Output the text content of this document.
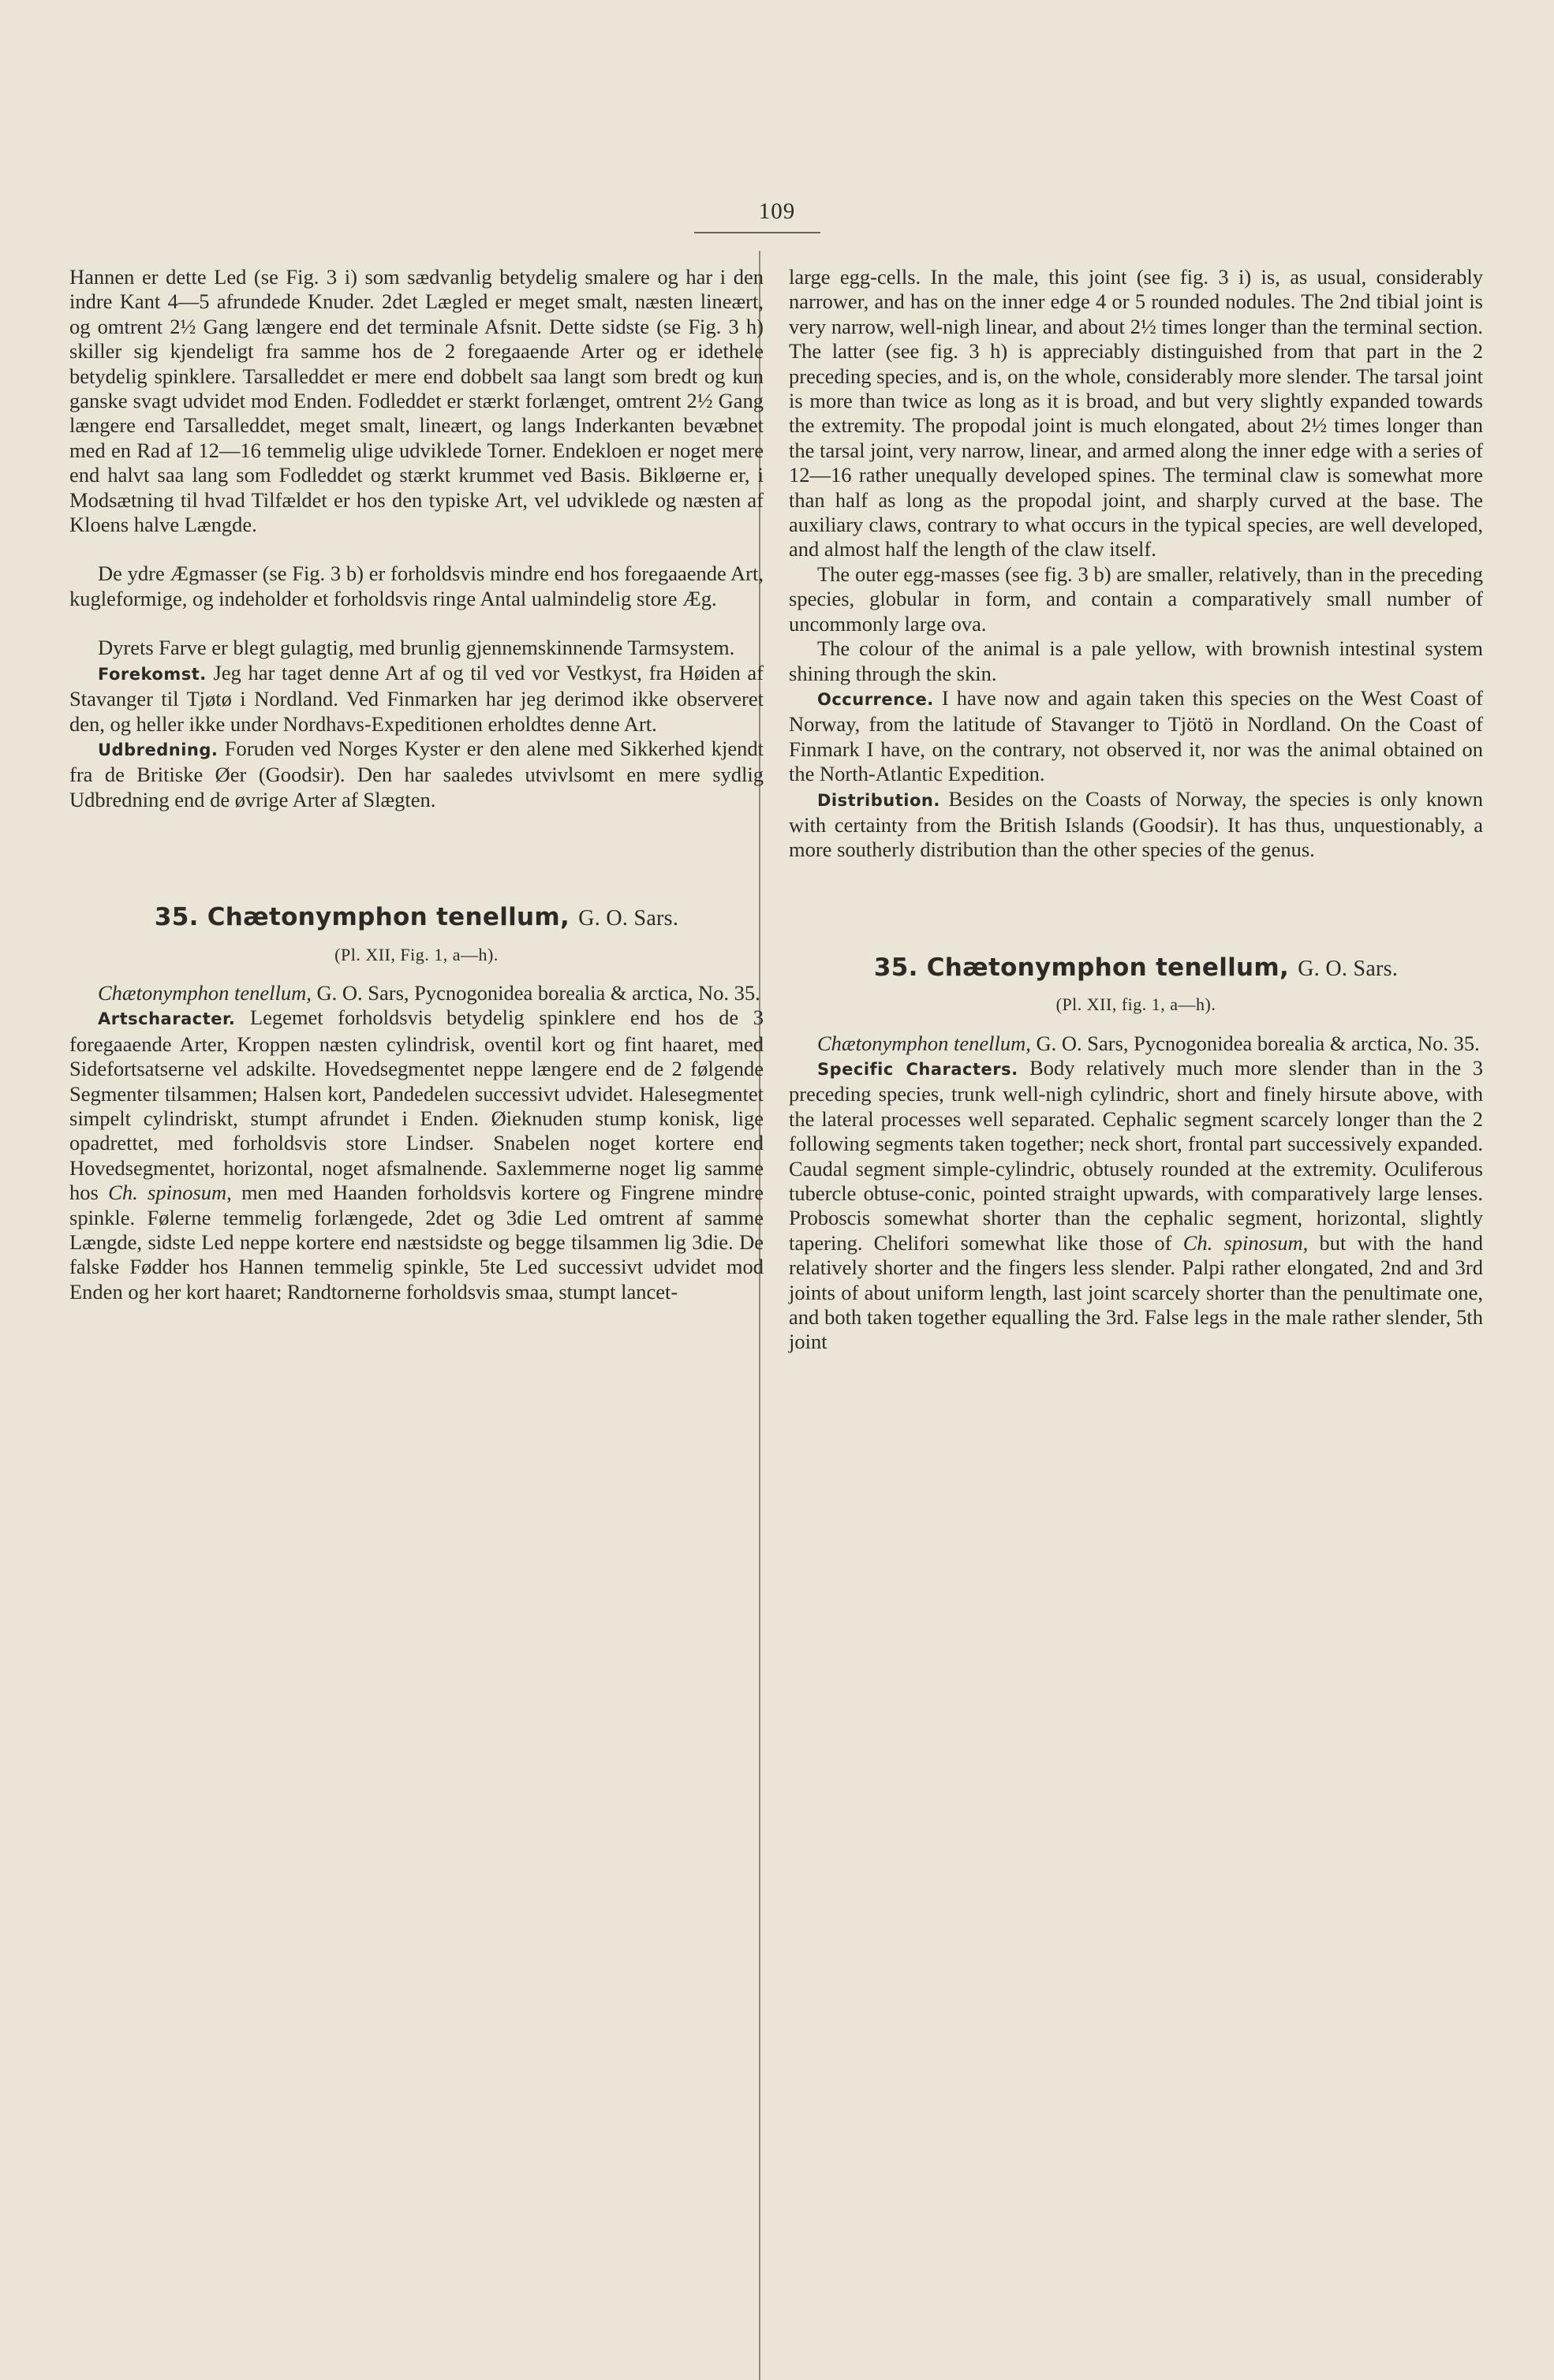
109

Hannen er dette Led (se Fig. 3 i) som sædvanlig betydelig smalere og har i den indre Kant 4—5 afrundede Knuder. 2det Lægled er meget smalt, næsten lineært, og omtrent 2½ Gang længere end det terminale Afsnit. Dette sidste (se Fig. 3 h) skiller sig kjendeligt fra samme hos de 2 foregaaende Arter og er idethele betydelig spinklere. Tarsalleddet er mere end dobbelt saa langt som bredt og kun ganske svagt udvidet mod Enden. Fodleddet er stærkt forlænget, omtrent 2½ Gang længere end Tarsalleddet, meget smalt, lineært, og langs Inderkanten bevæbnet med en Rad af 12—16 temmelig ulige udviklede Torner. Endekloen er noget mere end halvt saa lang som Fodleddet og stærkt krummet ved Basis. Bikløerne er, i Modsætning til hvad Tilfældet er hos den typiske Art, vel udviklede og næsten af Kloens halve Længde.

De ydre Ægmasser (se Fig. 3 b) er forholdsvis mindre end hos foregaaende Art, kugleformige, og indeholder et forholdsvis ringe Antal ualmindelig store Æg.

Dyrets Farve er blegt gulagtig, med brunlig gjennemskinnende Tarmsystem.

Forekomst. Jeg har taget denne Art af og til ved vor Vestkyst, fra Høiden af Stavanger til Tjøtø i Nordland. Ved Finmarken har jeg derimod ikke observeret den, og heller ikke under Nordhavs-Expeditionen erholdtes denne Art.

Udbredning. Foruden ved Norges Kyster er den alene med Sikkerhed kjendt fra de Britiske Øer (Goodsir). Den har saaledes utvivlsomt en mere sydlig Udbredning end de øvrige Arter af Slægten.

35. Chætonymphon tenellum, G. O. Sars.
(Pl. XII, Fig. 1, a—h).

Chætonymphon tenellum, G. O. Sars, Pycnogonidea borealia & arctica, No. 35.

Artscharacter. Legemet forholdsvis betydelig spinklere end hos de 3 foregaaende Arter, Kroppen næsten cylindrisk, oventil kort og fint haaret, med Sidefortsatserne vel adskilte. Hovedsegmentet neppe længere end de 2 følgende Segmenter tilsammen; Halsen kort, Pandedelen successivt udvidet. Halesegmentet simpelt cylindriskt, stumpt afrundet i Enden. Øieknuden stump konisk, lige opadrettet, med forholdsvis store Lindser. Snabelen noget kortere end Hovedsegmentet, horizontal, noget afsmalnende. Saxlemmerne noget lig samme hos Ch. spinosum, men med Haanden forholdsvis kortere og Fingrene mindre spinkle. Følerne temmelig forlængede, 2det og 3die Led omtrent af samme Længde, sidste Led neppe kortere end næstsidste og begge tilsammen lig 3die. De falske Fødder hos Hannen temmelig spinkle, 5te Led successivt udvidet mod Enden og her kort haaret; Randtornerne forholdsvis smaa, stumpt lancet-

large egg-cells. In the male, this joint (see fig. 3 i) is, as usual, considerably narrower, and has on the inner edge 4 or 5 rounded nodules. The 2nd tibial joint is very narrow, well-nigh linear, and about 2½ times longer than the terminal section. The latter (see fig. 3 h) is appreciably distinguished from that part in the 2 preceding species, and is, on the whole, considerably more slender. The tarsal joint is more than twice as long as it is broad, and but very slightly expanded towards the extremity. The propodal joint is much elongated, about 2½ times longer than the tarsal joint, very narrow, linear, and armed along the inner edge with a series of 12—16 rather unequally developed spines. The terminal claw is somewhat more than half as long as the propodal joint, and sharply curved at the base. The auxiliary claws, contrary to what occurs in the typical species, are well developed, and almost half the length of the claw itself.

The outer egg-masses (see fig. 3 b) are smaller, relatively, than in the preceding species, globular in form, and contain a comparatively small number of uncommonly large ova.

The colour of the animal is a pale yellow, with brownish intestinal system shining through the skin.

Occurrence. I have now and again taken this species on the West Coast of Norway, from the latitude of Stavanger to Tjötö in Nordland. On the Coast of Finmark I have, on the contrary, not observed it, nor was the animal obtained on the North-Atlantic Expedition.

Distribution. Besides on the Coasts of Norway, the species is only known with certainty from the British Islands (Goodsir). It has thus, unquestionably, a more southerly distribution than the other species of the genus.

35. Chætonymphon tenellum, G. O. Sars.
(Pl. XII, fig. 1, a—h).

Chætonymphon tenellum, G. O. Sars, Pycnogonidea borealia & arctica, No. 35.

Specific Characters. Body relatively much more slender than in the 3 preceding species, trunk well-nigh cylindric, short and finely hirsute above, with the lateral processes well separated. Cephalic segment scarcely longer than the 2 following segments taken together; neck short, frontal part successively expanded. Caudal segment simple-cylindric, obtusely rounded at the extremity. Oculiferous tubercle obtuse-conic, pointed straight upwards, with comparatively large lenses. Proboscis somewhat shorter than the cephalic segment, horizontal, slightly tapering. Chelifori somewhat like those of Ch. spinosum, but with the hand relatively shorter and the fingers less slender. Palpi rather elongated, 2nd and 3rd joints of about uniform length, last joint scarcely shorter than the penultimate one, and both taken together equalling the 3rd. False legs in the male rather slender, 5th joint
